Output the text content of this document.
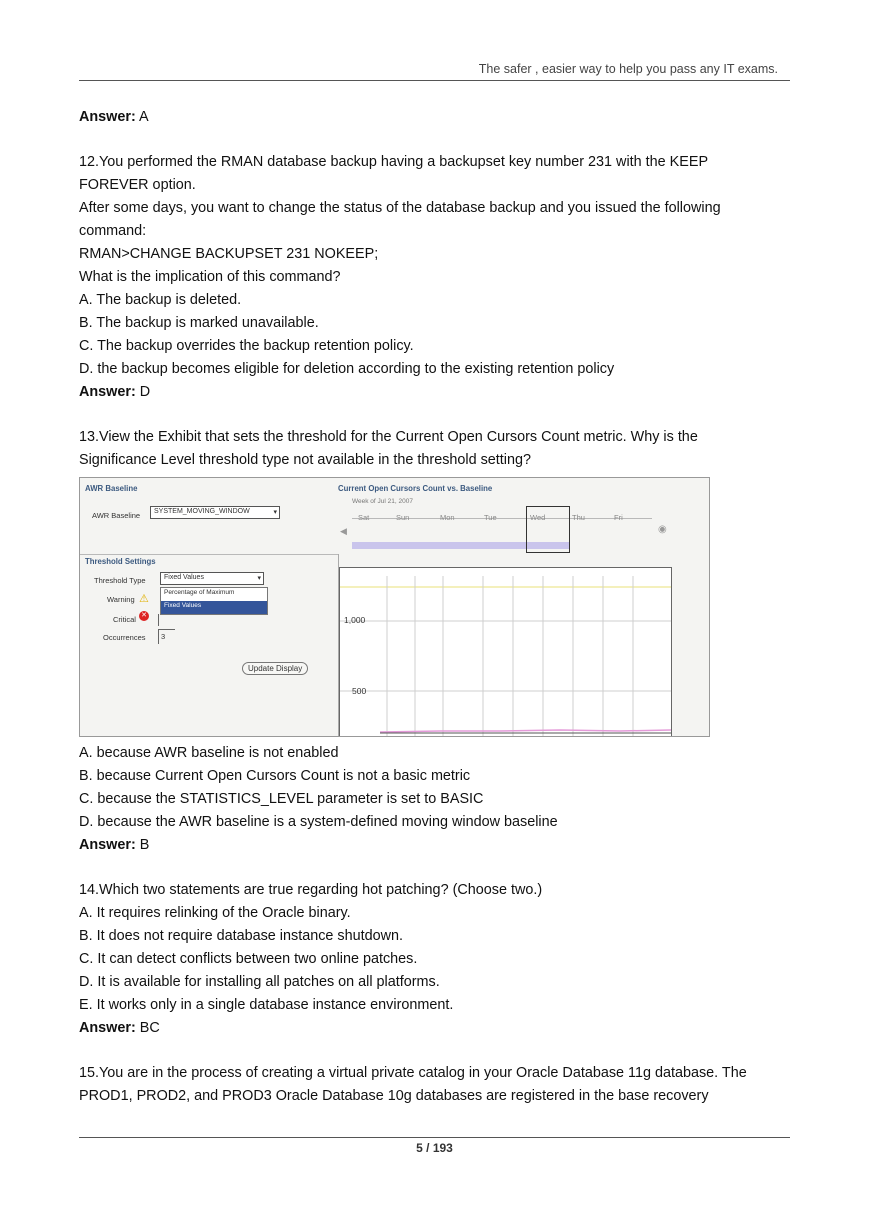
The safer , easier way to help you pass any IT exams.
Answer: A
12.You performed the RMAN database backup having a backupset key number 231 with the KEEP
FOREVER option.
After some days, you want to change the status of the database backup and you issued the following
command:
RMAN>CHANGE BACKUPSET 231 NOKEEP;
What is the implication of this command?
A. The backup is deleted.
B. The backup is marked unavailable.
C. The backup overrides the backup retention policy.
D. the backup becomes eligible for deletion according to the existing retention policy
Answer: D
13.View the Exhibit that sets the threshold for the Current Open Cursors Count metric. Why is the
Significance Level threshold type not available in the threshold setting?
AWR Baseline
AWR Baseline	SYSTEM_MOVING_WINDOW	▾
Current Open Cursors Count vs. Baseline
Week of Jul 21, 2007
◀	◉
Sat	Sun	Mon	Tue	Wed	Thu	Fri
Threshold Settings
Threshold Type	Fixed Values	▾
Percentage of Maximum
Fixed Values
Warning ⚠
Critical ✕
Occurrences	3
Update Display
1,000
500
A. because AWR baseline is not enabled
B. because Current Open Cursors Count is not a basic metric
C. because the STATISTICS_LEVEL parameter is set to BASIC
D. because the AWR baseline is a system-defined moving window baseline
Answer: B
14.Which two statements are true regarding hot patching? (Choose two.)
A. It requires relinking of the Oracle binary.
B. It does not require database instance shutdown.
C. It can detect conflicts between two online patches.
D. It is available for installing all patches on all platforms.
E. It works only in a single database instance environment.
Answer: BC
15.You are in the process of creating a virtual private catalog in your Oracle Database 11g database. The
PROD1, PROD2, and PROD3 Oracle Database 10g databases are registered in the base recovery
5 / 193
